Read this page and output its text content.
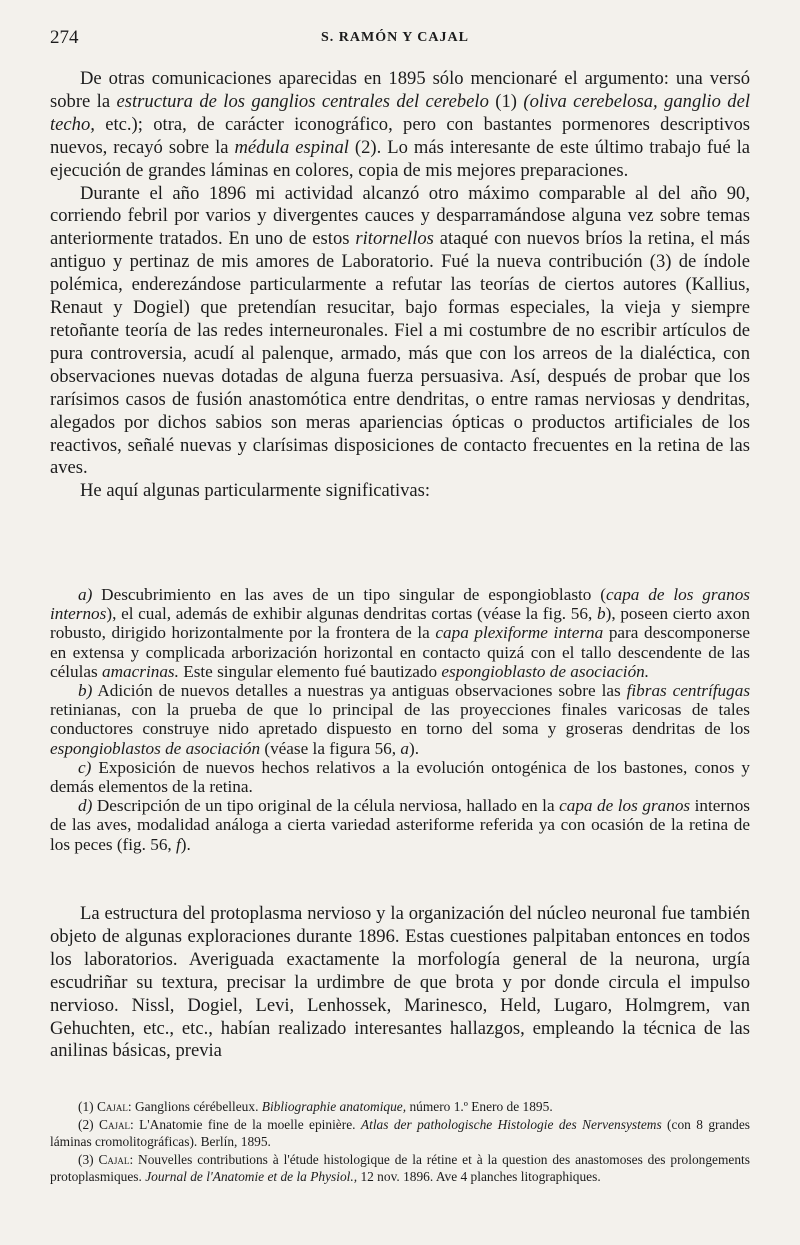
274	S. RAMÓN Y CAJAL

De otras comunicaciones aparecidas en 1895 sólo mencionaré el argumento: una versó sobre la estructura de los ganglios centrales del cerebelo (1) (oliva cerebelosa, ganglio del techo, etc.); otra, de carácter iconográfico, pero con bastantes pormenores descriptivos nuevos, recayó sobre la médula espinal (2). Lo más interesante de este último trabajo fué la ejecución de grandes láminas en colores, copia de mis mejores preparaciones.

Durante el año 1896 mi actividad alcanzó otro máximo comparable al del año 90, corriendo febril por varios y divergentes cauces y desparramándose alguna vez sobre temas anteriormente tratados. En uno de estos ritornellos ataqué con nuevos bríos la retina, el más antiguo y pertinaz de mis amores de Laboratorio. Fué la nueva contribución (3) de índole polémica, enderezándose particularmente a refutar las teorías de ciertos autores (Kallius, Renaut y Dogiel) que pretendían resucitar, bajo formas especiales, la vieja y siempre retoñante teoría de las redes interneuronales. Fiel a mi costumbre de no escribir artículos de pura controversia, acudí al palenque, armado, más que con los arreos de la dialéctica, con observaciones nuevas dotadas de alguna fuerza persuasiva. Así, después de probar que los rarísimos casos de fusión anastomótica entre dendritas, o entre ramas nerviosas y dendritas, alegados por dichos sabios son meras apariencias ópticas o productos artificiales de los reactivos, señalé nuevas y clarísimas disposiciones de contacto frecuentes en la retina de las aves.

He aquí algunas particularmente significativas:

a) Descubrimiento en las aves de un tipo singular de espongioblasto (capa de los granos internos), el cual, además de exhibir algunas dendritas cortas (véase la fig. 56, b), poseen cierto axon robusto, dirigido horizontalmente por la frontera de la capa plexiforme interna para descomponerse en extensa y complicada arborización horizontal en contacto quizá con el tallo descendente de las células amacrinas. Este singular elemento fué bautizado espongioblasto de asociación.

b) Adición de nuevos detalles a nuestras ya antiguas observaciones sobre las fibras centrífugas retinianas, con la prueba de que lo principal de las proyecciones finales varicosas de tales conductores construye nido apretado dispuesto en torno del soma y groseras dendritas de los espongioblastos de asociación (véase la figura 56, a).

c) Exposición de nuevos hechos relativos a la evolución ontogénica de los bastones, conos y demás elementos de la retina.

d) Descripción de un tipo original de la célula nerviosa, hallado en la capa de los granos internos de las aves, modalidad análoga a cierta variedad asteriforme referida ya con ocasión de la retina de los peces (fig. 56, f).

La estructura del protoplasma nervioso y la organización del núcleo neuronal fue también objeto de algunas exploraciones durante 1896. Estas cuestiones palpitaban entonces en todos los laboratorios. Averiguada exactamente la morfología general de la neurona, urgía escudriñar su textura, precisar la urdimbre de que brota y por donde circula el impulso nervioso. Nissl, Dogiel, Levi, Lenhossek, Marinesco, Held, Lugaro, Holmgrem, van Gehuchten, etc., etc., habían realizado interesantes hallazgos, empleando la técnica de las anilinas básicas, previa

(1) Cajal: Ganglions cérébelleux. Bibliographie anatomique, número 1.º Enero de 1895.

(2) Cajal: L'Anatomie fine de la moelle epinière. Atlas der pathologische Histologie des Nervensystems (con 8 grandes láminas cromolitográficas). Berlín, 1895.

(3) Cajal: Nouvelles contributions à l'étude histologique de la rétine et à la question des anastomoses des prolongements protoplasmiques. Journal de l'Anatomie et de la Physiol., 12 nov. 1896. Ave 4 planches litographiques.
